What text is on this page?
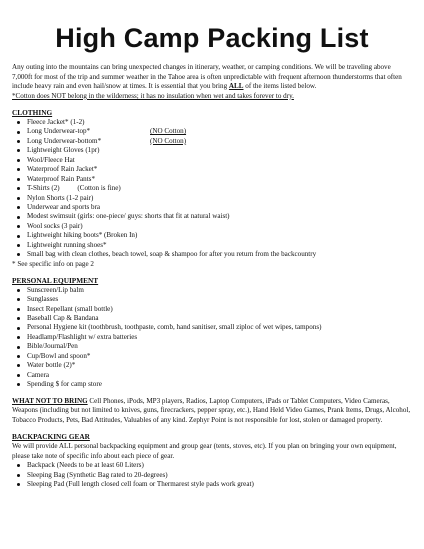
High Camp Packing List
Any outing into the mountains can bring unexpected changes in itinerary, weather, or camping conditions. We will be traveling above 7,000ft for most of the trip and summer weather in the Tahoe area is often unpredictable with frequent afternoon thunderstorms that often include heavy rain and even hail/snow at times. It is essential that you bring ALL of the items listed below.
*Cotton does NOT belong in the wilderness; it has no insulation when wet and takes forever to dry.
CLOTHING
Fleece Jacket* (1-2)
Long Underwear-top*	(NO Cotton)
Long Underwear-bottom*	(NO Cotton)
Lightweight Gloves (1pr)
Wool/Fleece Hat
Waterproof Rain Jacket*
Waterproof Rain Pants*
T-Shirts (2)          (Cotton is fine)
Nylon Shorts (1-2 pair)
Underwear and sports bra
Modest swimsuit (girls: one-piece/ guys: shorts that fit at natural waist)
Wool socks (3 pair)
Lightweight hiking boots* (Broken In)
Lightweight running shoes*
Small bag with clean clothes, beach towel, soap & shampoo for after you return from the backcountry
* See specific info on page 2
PERSONAL EQUIPMENT
Sunscreen/Lip balm
Sunglasses
Insect Repellant (small bottle)
Baseball Cap & Bandana
Personal Hygiene kit (toothbrush, toothpaste, comb, hand sanitiser, small ziploc of wet wipes, tampons)
Headlamp/Flashlight w/ extra batteries
Bible/Journal/Pen
Cup/Bowl and spoon*
Water bottle (2)*
Camera
Spending $ for camp store
WHAT NOT TO BRING Cell Phones, iPods, MP3 players, Radios, Laptop Computers, iPads or Tablet Computers, Video Cameras, Weapons (including but not limited to knives, guns, firecrackers, pepper spray, etc.), Hand Held Video Games, Prank Items, Drugs, Alcohol, Tobacco Products, Pets, Bad Attitudes, Valuables of any kind. Zephyr Point is not responsible for lost, stolen or damaged property.
BACKPACKING GEAR
We will provide ALL personal backpacking equipment and group gear (tents, stoves, etc). If you plan on bringing your own equipment, please take note of specific info about each piece of gear.
Backpack (Needs to be at least 60 Liters)
Sleeping Bag (Synthetic Bag rated to 20-degrees)
Sleeping Pad (Full length closed cell foam or Thermarest style pads work great)
